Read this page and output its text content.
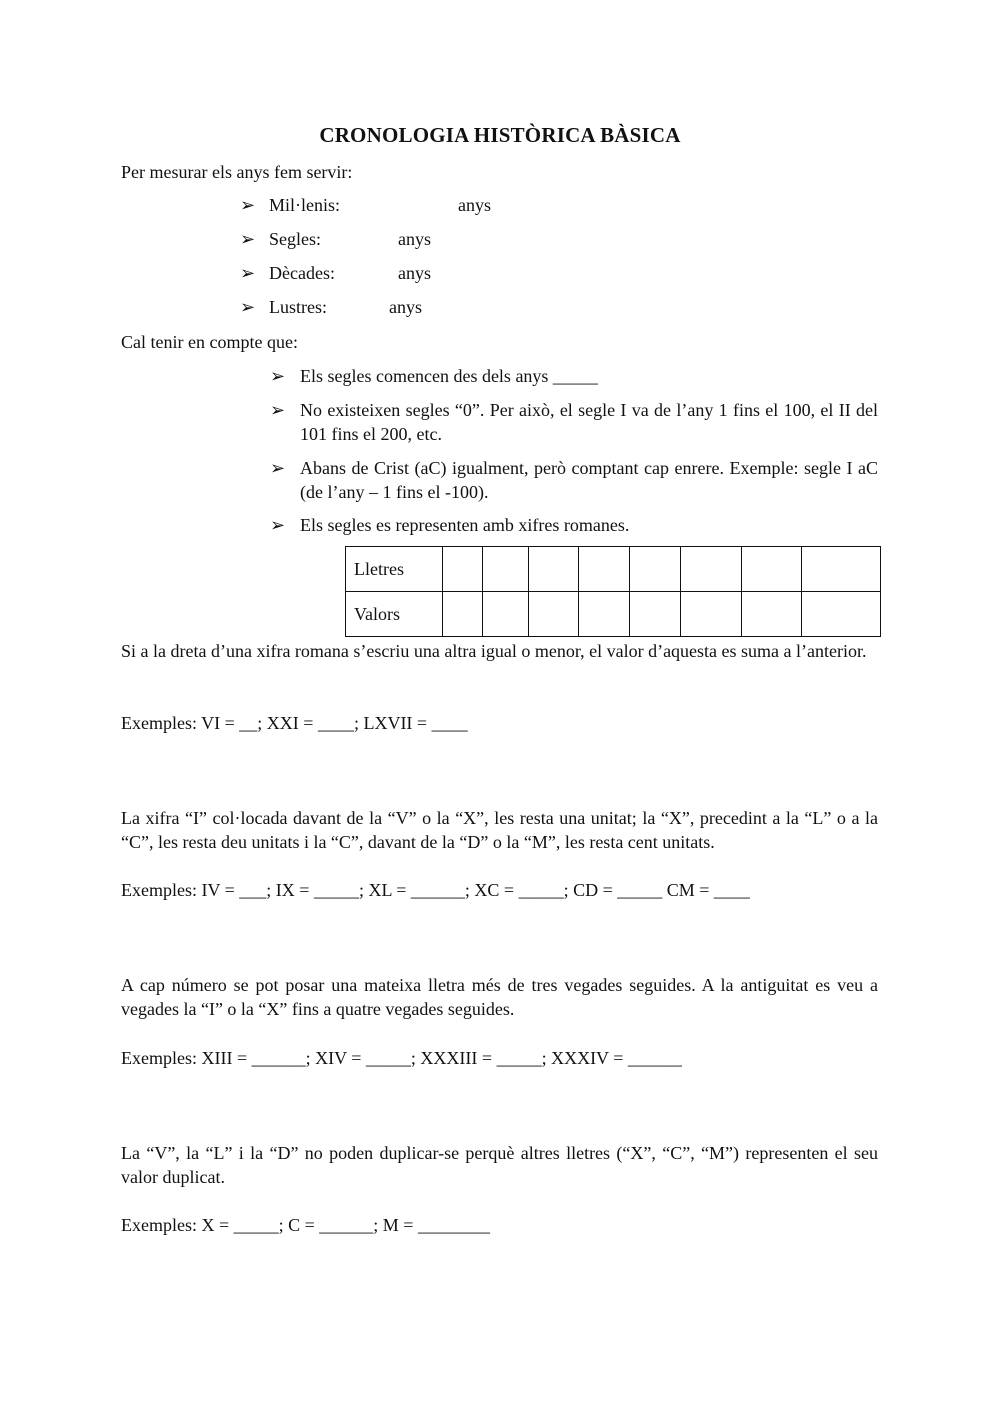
CRONOLOGIA HISTÒRICA BÀSICA
Per mesurar els anys fem servir:
➢ Mil·lenis:	anys
➢ Segles:	anys
➢ Dècades:	anys
➢ Lustres:	anys
Cal tenir en compte que:
➢ Els segles comencen des dels anys _____
➢ No existeixen segles “0”. Per això, el segle I va de l’any 1 fins el 100, el II del 101 fins el 200, etc.
➢ Abans de Crist (aC) igualment, però comptant cap enrere. Exemple: segle I aC (de l’any – 1 fins el -100).
➢ Els segles es representen amb xifres romanes.
Lletres								
Valors								
Si a la dreta d’una xifra romana s’escriu una altra igual o menor, el valor d’aquesta es suma a l’anterior.
Exemples: VI = __; XXI = ____; LXVII = ____
La xifra “I” col·locada davant de la “V” o la “X”, les resta una unitat; la “X”, precedint a la “L” o a la “C”, les resta deu unitats i la “C”, davant de la “D” o la “M”, les resta cent unitats.
Exemples: IV = ___; IX = _____; XL = ______; XC = _____; CD = _____ CM = ____
A cap número se pot posar una mateixa lletra més de tres vegades seguides. A la antiguitat es veu a vegades la “I” o la “X” fins a quatre vegades seguides.
Exemples: XIII = ______; XIV = _____; XXXIII = _____; XXXIV = ______
La “V”, la “L” i la “D” no poden duplicar-se perquè altres lletres (“X”, “C”, “M”) representen el seu valor duplicat.
Exemples: X = _____; C = ______; M = ________
